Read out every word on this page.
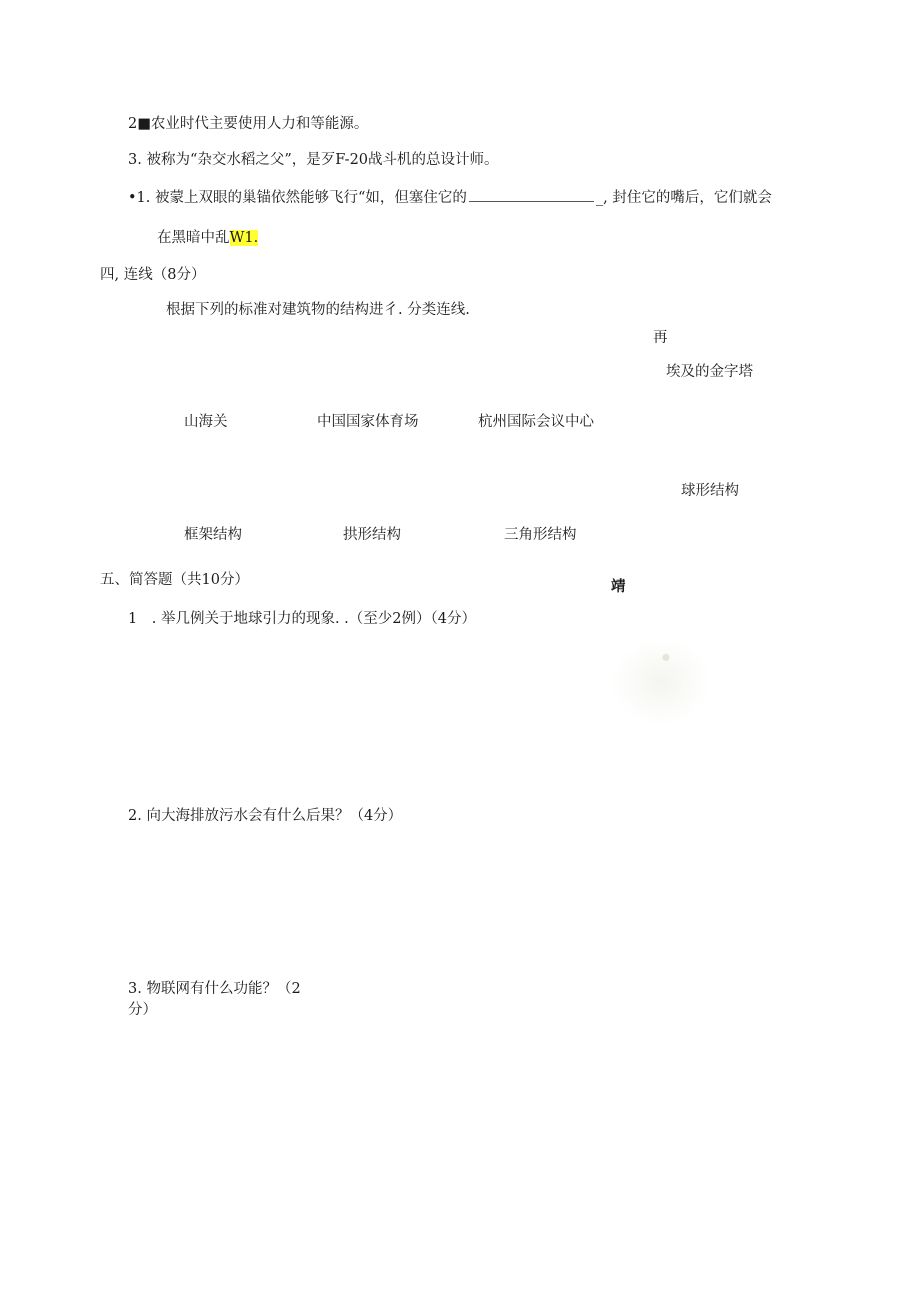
2■农业时代主要使用人力和等能源。
3. 被称为“杂交水稻之父”，是歹F-20战斗机的总设计师。
•1. 被蒙上双眼的巢锚依然能够飞行“如，但塞住它的	_, 封住它的嘴后，它们就会
在黑暗中乱W1.
四, 连线（8分）
根据下列的标准对建筑物的结构进彳. 分类连线.
再
埃及的金字塔
山海关	中国国家体育场	杭州国际会议中心
球形结构
框架结构	拱形结构	三角形结构
五、简答题（共10分）	靖
1　. 举几例关于地球引力的现象. .（至少2例）（4分）
2. 向大海排放污水会有什么后果？（4分）
3. 物联网有什么功能？（2
分）
